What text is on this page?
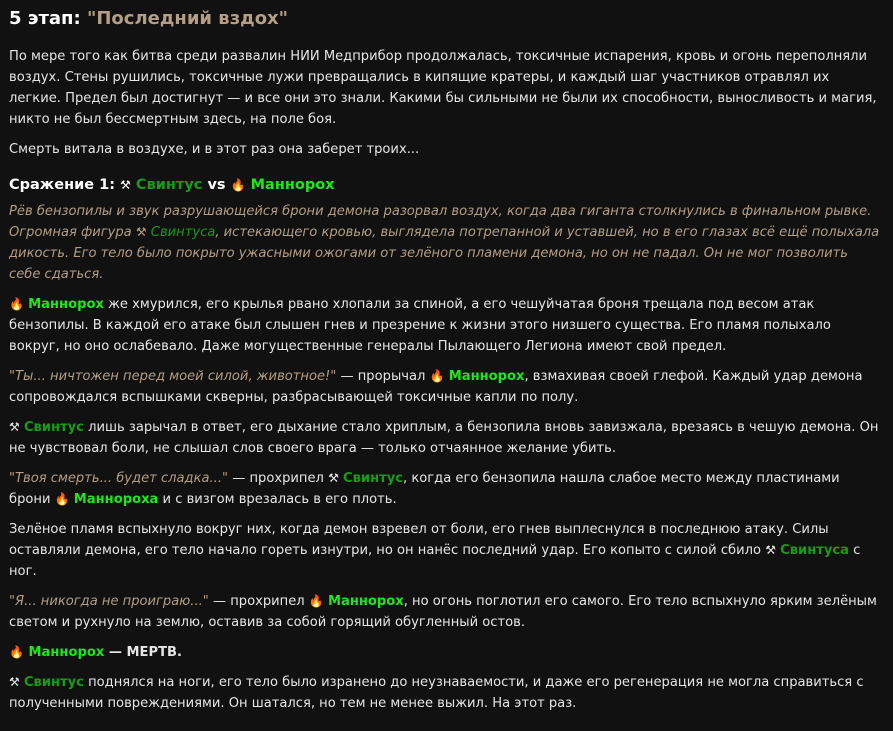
5 этап: "Последний вздох"

По мере того как битва среди развалин НИИ Медприбор продолжалась, токсичные испарения, кровь и огонь переполняли воздух. Стены рушились, токсичные лужи превращались в кипящие кратеры, и каждый шаг участников отравлял их легкие. Предел был достигнут — и все они это знали. Какими бы сильными не были их способности, выносливость и магия, никто не был бессмертным здесь, на поле боя.

Смерть витала в воздухе, и в этот раз она заберет троих...

Сражение 1: ⚒ Свинтус vs 🔥 Маннорох

Рёв бензопилы и звук разрушающейся брони демона разорвал воздух, когда два гиганта столкнулись в финальном рывке. Огромная фигура ⚒ Свинтуса, истекающего кровью, выглядела потрепанной и уставшей, но в его глазах всё ещё полыхала дикость. Его тело было покрыто ужасными ожогами от зелёного пламени демона, но он не падал. Он не мог позволить себе сдаться.

🔥 Маннорох же хмурился, его крылья рвано хлопали за спиной, а его чешуйчатая броня трещала под весом атак бензопилы. В каждой его атаке был слышен гнев и презрение к жизни этого низшего существа. Его пламя полыхало вокруг, но оно ослабевало. Даже могущественные генералы Пылающего Легиона имеют свой предел.

"Ты... ничтожен перед моей силой, животное!" — прорычал 🔥 Маннорох, взмахивая своей глефой. Каждый удар демона сопровождался вспышками скверны, разбрасывающей токсичные капли по полу.

⚒ Свинтус лишь зарычал в ответ, его дыхание стало хриплым, а бензопила вновь завизжала, врезаясь в чешую демона. Он не чувствовал боли, не слышал слов своего врага — только отчаянное желание убить.

"Твоя смерть... будет сладка..." — прохрипел ⚒ Свинтус, когда его бензопила нашла слабое место между пластинами брони 🔥 Маннороха и с визгом врезалась в его плоть.

Зелёное пламя вспыхнуло вокруг них, когда демон взревел от боли, его гнев выплеснулся в последнюю атаку. Силы оставляли демона, его тело начало гореть изнутри, но он нанёс последний удар. Его копыто с силой сбило ⚒ Свинтуса с ног.

"Я... никогда не проиграю..." — прохрипел 🔥 Маннорох, но огонь поглотил его самого. Его тело вспыхнуло ярким зелёным светом и рухнуло на землю, оставив за собой горящий обугленный остов.

🔥 Маннорох — МЕРТВ.

⚒ Свинтус поднялся на ноги, его тело было изранено до неузнаваемости, и даже его регенерация не могла справиться с полученными повреждениями. Он шатался, но тем не менее выжил. На этот раз.
